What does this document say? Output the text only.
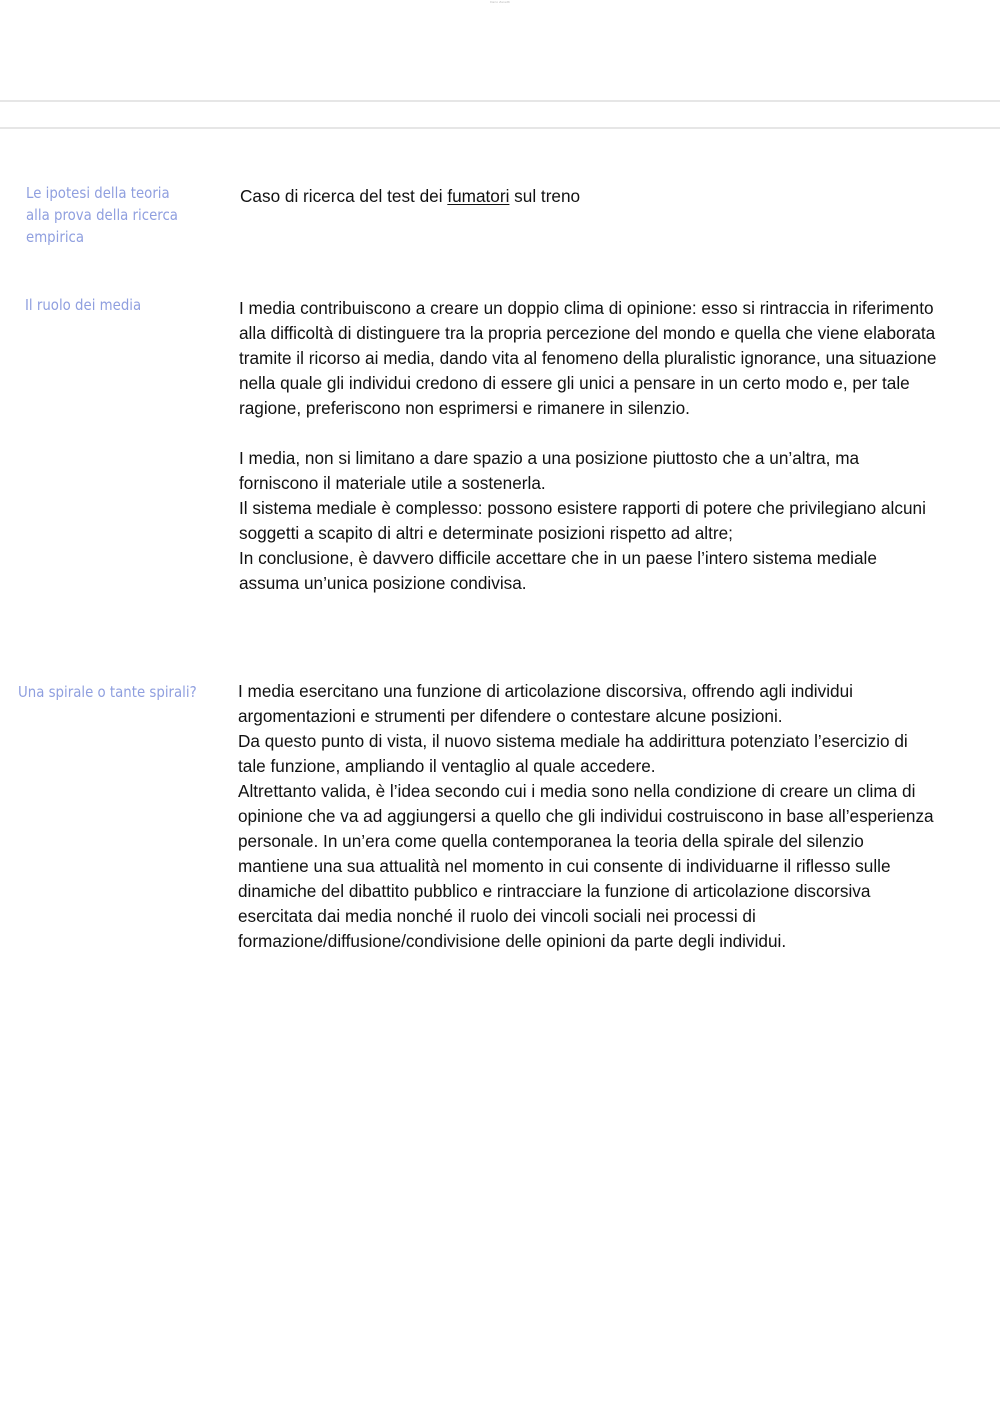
Dario Zanetti
Le ipotesi della teoria
alla prova della ricerca
empirica

Caso di ricerca del test dei fumatori sul treno

Il ruolo dei media	I media contribuiscono a creare un doppio clima di opinione: esso si rintraccia in riferimento alla difficoltà di distinguere tra la propria percezione del mondo e quella che viene elaborata tramite il ricorso ai media, dando vita al fenomeno della pluralistic ignorance, una situazione nella quale gli individui credono di essere gli unici a pensare in un certo modo e, per tale ragione, preferiscono non esprimersi e rimanere in silenzio.

I media, non si limitano a dare spazio a una posizione piuttosto che a un’altra, ma forniscono il materiale utile a sostenerla.

Il sistema mediale è complesso: possono esistere rapporti di potere che privilegiano alcuni soggetti a scapito di altri e determinate posizioni rispetto ad altre;

In conclusione, è davvero difficile accettare che in un paese l’intero sistema mediale assuma un’unica posizione condivisa.

Una spirale o tante spirali? I media esercitano una funzione di articolazione discorsiva, offrendo agli individui argomentazioni e strumenti per difendere o contestare alcune posizioni.

Da questo punto di vista, il nuovo sistema mediale ha addirittura potenziato l’esercizio di tale funzione, ampliando il ventaglio al quale accedere.

Altrettanto valida, è l’idea secondo cui i media sono nella condizione di creare un clima di opinione che va ad aggiungersi a quello che gli individui costruiscono in base all’esperienza personale. In un’era come quella contemporanea la teoria della spirale del silenzio mantiene una sua attualità nel momento in cui consente di individuarne il riflesso sulle dinamiche del dibattito pubblico e rintracciare la funzione di articolazione discorsiva esercitata dai media nonché il ruolo dei vincoli sociali nei processi di formazione/diffusione/condivisione delle opinioni da parte degli individui.
